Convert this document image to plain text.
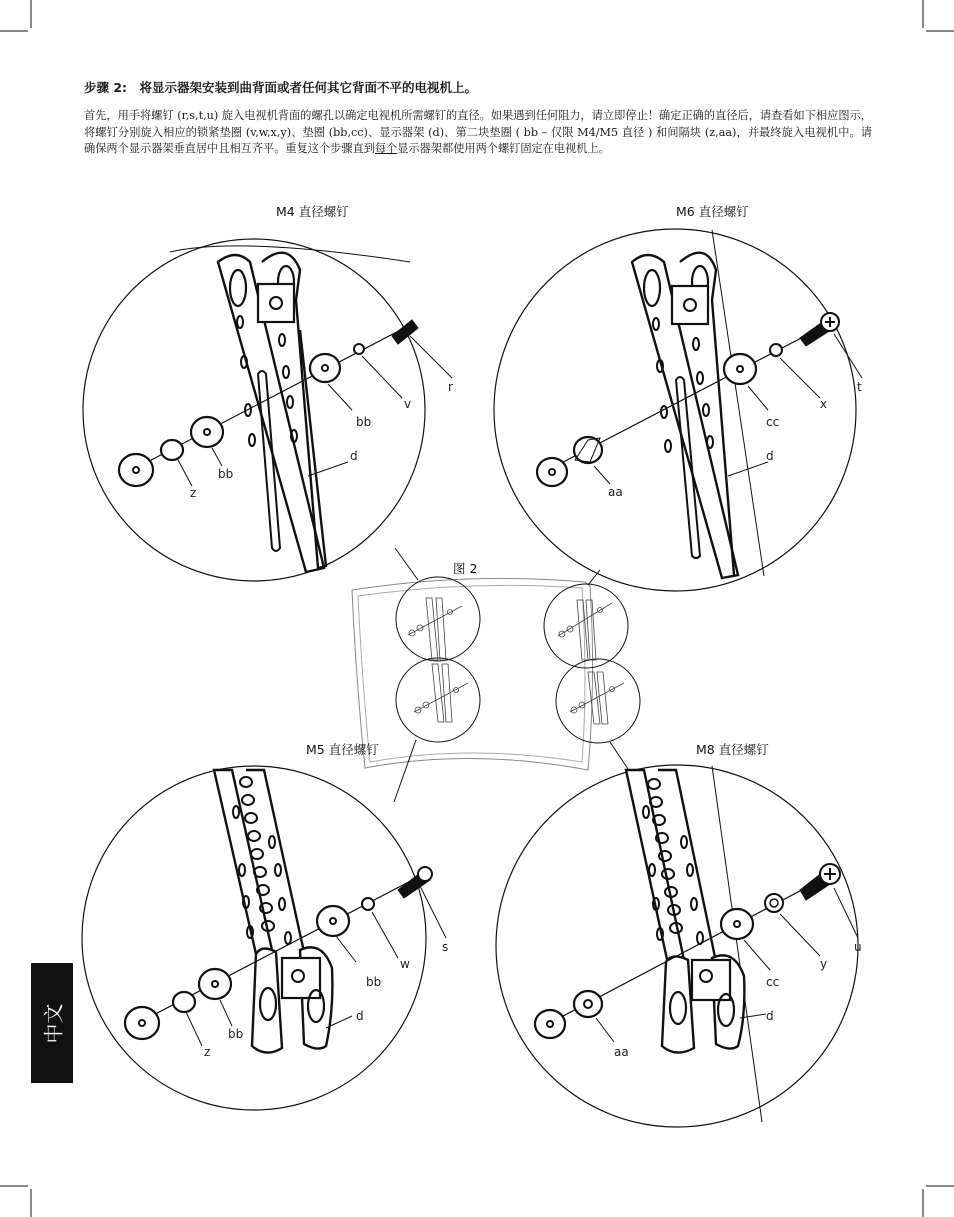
步骤 2:　将显示器架安装到曲背面或者任何其它背面不平的电视机上。
首先，用手将螺钉 (r,s,t,u) 旋入电视机背面的螺孔以确定电视机所需螺钉的直径。如果遇到任何阻力，请立即停止！确定正确的直径后，请查看如下相应图示，将螺钉分别旋入相应的锁紧垫圈 (v,w,x,y)、垫圈 (bb,cc)、显示器架 (d)、第二块垫圈 ( bb – 仅限 M4/M5 直径 ) 和间隔块 (z,aa)，并最终旋入电视机中。请确保两个显示器架垂直居中且相互齐平。重复这个步骤直到每个显示器架都使用两个螺钉固定在电视机上。
M4 直径螺钉	M6 直径螺钉
M5 直径螺钉	M8 直径螺钉
图 2
r
v
bb
d
bb
z
t
x
cc
d
aa
s
w
bb
d
bb
z
u
y
cc
d
aa
中文
